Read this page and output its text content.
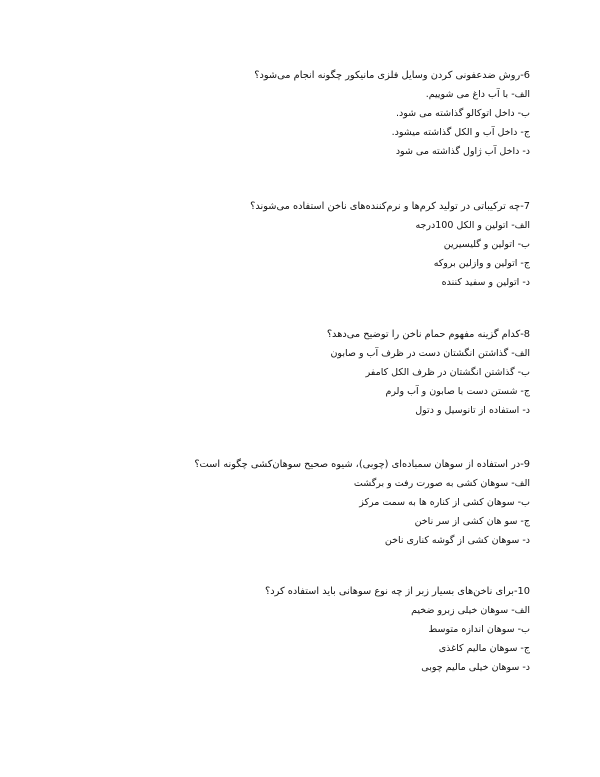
6-روش ضدعفونی کردن وسایل فلزی مانیکور چگونه انجام می‌شود؟
الف- با آب داغ می شوییم.
ب- داخل اتوکالو گذاشته می شود.
ج- داخل آب و الکل گذاشته میشود.
د- داخل آب ژاول گذاشته می شود
7-چه ترکیباتی در تولید کرم‌ها و نرم‌کننده‌های ناخن استفاده می‌شوند؟
الف- اتولین و الکل 100درجه
ب- اتولین و گلیسیرین
ج- اتولین و وازلین بروکه
د- اتولین و سفید کننده
8-کدام گزینه مفهوم حمام ناخن را توضیح می‌دهد؟
الف- گذاشتن انگشتان دست در ظرف آب و صابون
ب- گذاشتن انگشتان در ظرف الکل کامفر
ج- شستن دست با صابون و آب ولرم
د- استفاده از تانوسیل و دتول
9-در استفاده از سوهان سمباده‌ای (چوبی)، شیوه صحیح سوهان‌کشی چگونه است؟
الف- سوهان کشی به صورت رفت و برگشت
ب- سوهان کشی از کناره ها به سمت مرکز
ج- سو هان کشی از سر ناخن
د- سوهان کشی از گوشه کناری ناخن
10-برای ناخن‌های بسیار زبر از چه نوع سوهانی باید استفاده کرد؟
الف- سوهان خیلی زبرو ضخیم
ب- سوهان اندازه متوسط
ج- سوهان مالیم کاغذی
د- سوهان خیلی مالیم چوبی
